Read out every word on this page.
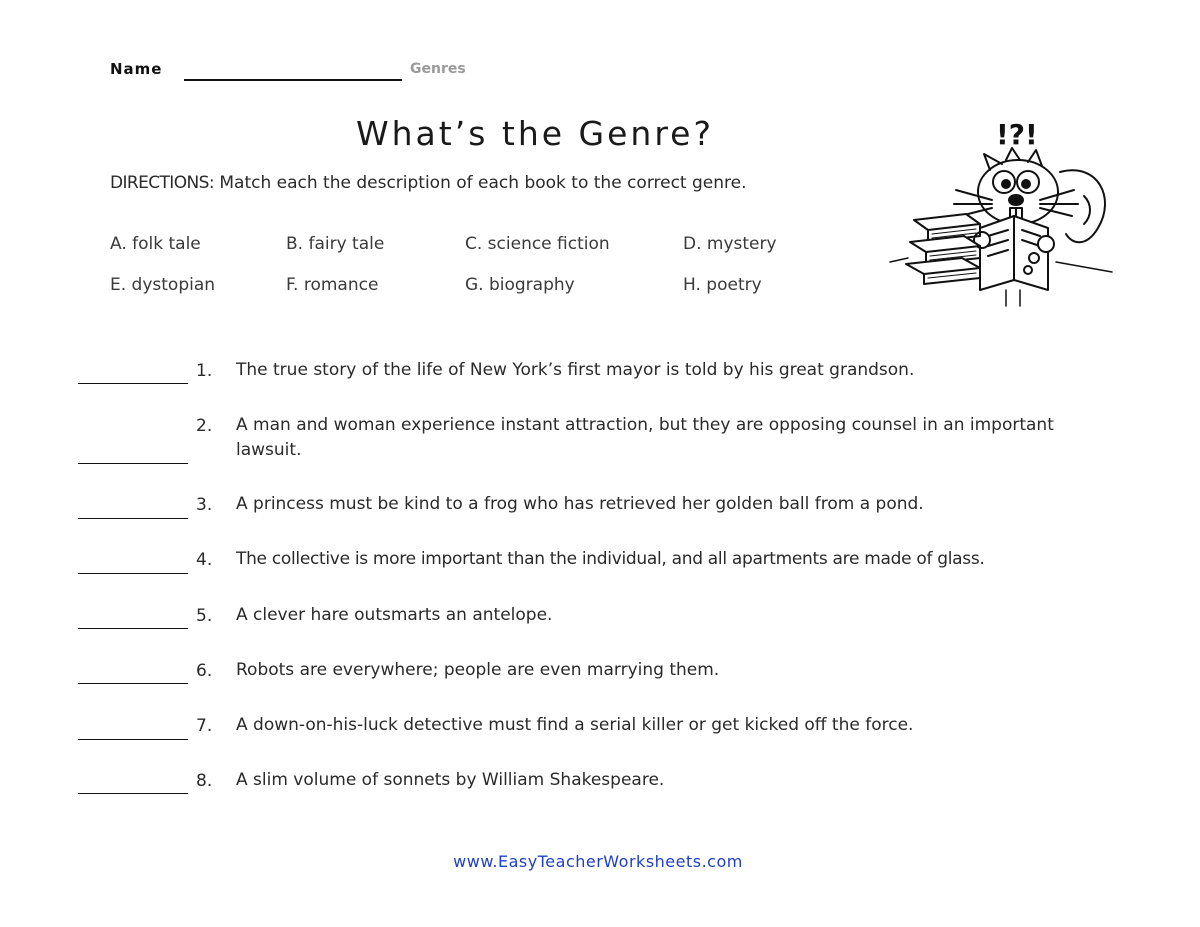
Name	Genres
What’s the Genre?
DIRECTIONS: Match each the description of each book to the correct genre.
A. folk tale	B. fairy tale	C. science fiction	D. mystery
E. dystopian	F. romance	G. biography	H. poetry
1. The true story of the life of New York’s first mayor is told by his great grandson.
2. A man and woman experience instant attraction, but they are opposing counsel in an important lawsuit.
3. A princess must be kind to a frog who has retrieved her golden ball from a pond.
4. The collective is more important than the individual, and all apartments are made of glass.
5. A clever hare outsmarts an antelope.
6. Robots are everywhere; people are even marrying them.
7. A down-on-his-luck detective must find a serial killer or get kicked off the force.
8. A slim volume of sonnets by William Shakespeare.
!?!
www.EasyTeacherWorksheets.com
